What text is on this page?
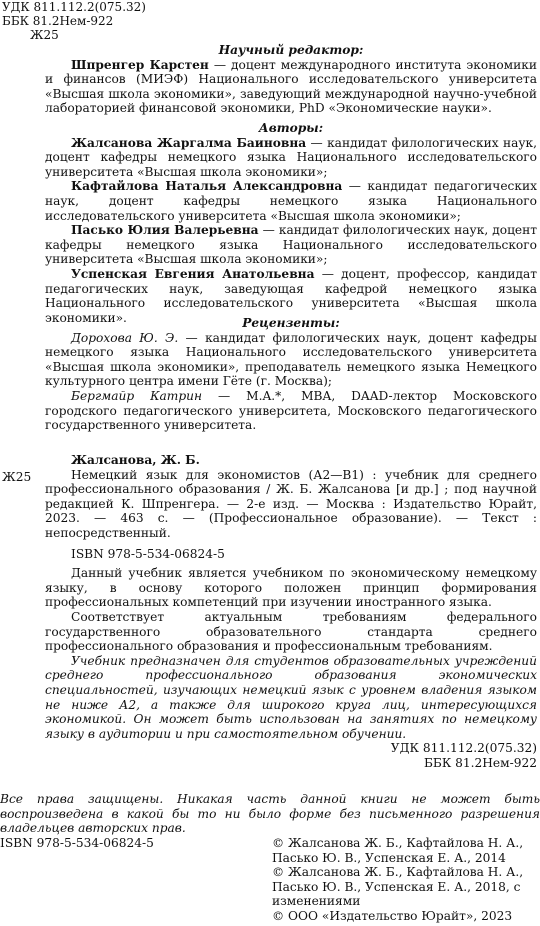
УДК 811.112.2(075.32)
ББК 81.2Нем-922
Ж25

Научный редактор:

Шпренгер Карстен — доцент международного института экономики и финансов (МИЭФ) Национального исследовательского университета «Высшая школа экономики», заведующий международной научно-учебной лабораторией финансовой экономики, PhD «Экономические науки».

Авторы:

Жалсанова Жаргалма Баиновна — кандидат филологических наук, доцент кафедры немецкого языка Национального исследовательского университета «Высшая школа экономики»;

Кафтайлова Наталья Александровна — кандидат педагогических наук, доцент кафедры немецкого языка Национального исследовательского университета «Высшая школа экономики»;

Пасько Юлия Валерьевна — кандидат филологических наук, доцент кафедры немецкого языка Национального исследовательского университета «Высшая школа экономики»;

Успенская Евгения Анатольевна — доцент, профессор, кандидат педагогических наук, заведующая кафедрой немецкого языка Национального исследовательского университета «Высшая школа экономики».	Рецензенты:

Дорохова Ю. Э. — кандидат филологических наук, доцент кафедры немецкого языка Национального исследовательского университета «Высшая школа экономики», преподаватель немецкого языка Немецкого культурного центра имени Гёте (г. Москва);

Бергмайр Катрин — M.A.*, MBA, DAAD-лектор Московского городского педагогического университета, Московского педагогического государственного университета.

Ж25

Жалсанова, Ж. Б.

Немецкий язык для экономистов (А2—В1) : учебник для среднего профессионального образования / Ж. Б. Жалсанова [и др.] ; под научной редакцией К. Шпренгера. — 2-е изд. — Москва : Издательство Юрайт, 2023. — 463 с. — (Профессиональное образование). — Текст : непосредственный.

ISBN 978-5-534-06824-5

Данный учебник является учебником по экономическому немецкому языку, в основу которого положен принцип формирования профессиональных компетенций при изучении иностранного языка.

Соответствует актуальным требованиям федерального государственного образовательного стандарта среднего профессионального образования и профессиональным требованиям.

Учебник предназначен для студентов образовательных учреждений среднего профессионального образования экономических специальностей, изучающих немецкий язык с уровнем владения языком не ниже А2, а также для широкого круга лиц, интересующихся экономикой. Он может быть использован на занятиях по немецкому языку в аудитории и при самостоятельном обучении.

УДК 811.112.2(075.32)

ББК 81.2Нем-922

Все права защищены. Никакая часть данной книги не может быть воспроизведена в какой бы то ни было форме без письменного разрешения владельцев авторских прав.
ISBN 978-5-534-06824-5	© Жалсанова Ж. Б., Кафтайлова Н. А., Пасько Ю. В., Успенская Е. А., 2014
© Жалсанова Ж. Б., Кафтайлова Н. А., Пасько Ю. В., Успенская Е. А., 2018, с изменениями
© ООО «Издательство Юрайт», 2023
